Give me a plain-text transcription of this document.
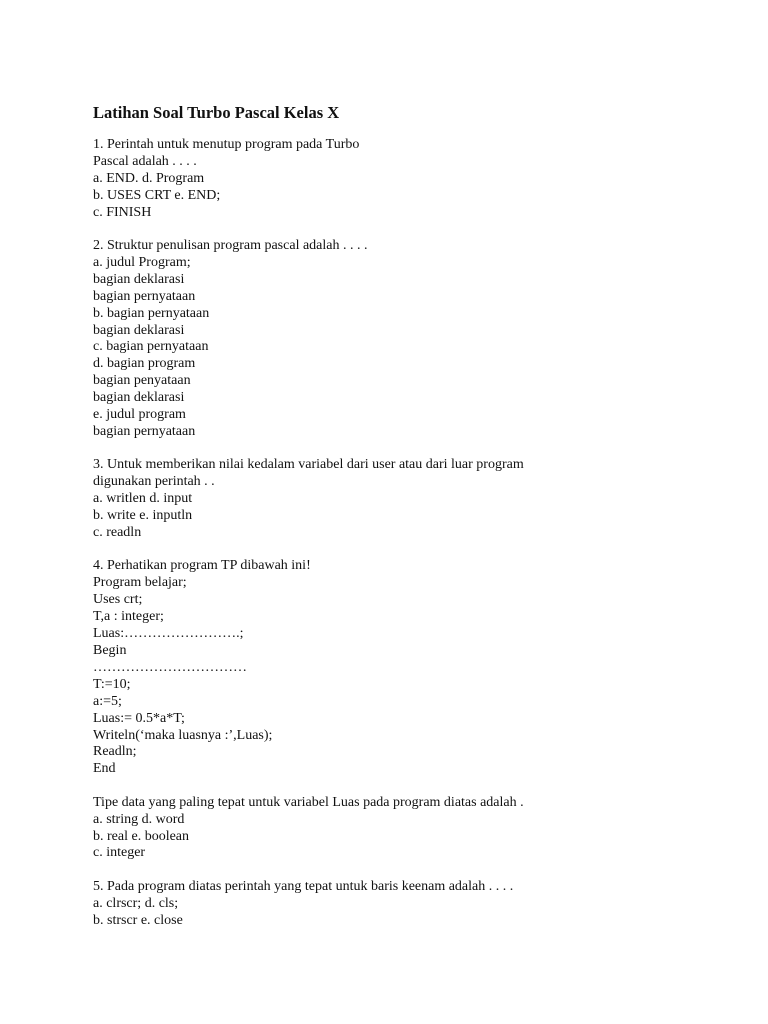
Latihan Soal Turbo Pascal Kelas X
1. Perintah untuk menutup program pada Turbo
Pascal adalah . . . .
a. END. d. Program
b. USES CRT e. END;
c. FINISH
2. Struktur penulisan program pascal adalah . . . .
a. judul Program;
bagian deklarasi
bagian pernyataan
b. bagian pernyataan
bagian deklarasi
c. bagian pernyataan
d. bagian program
bagian penyataan
bagian deklarasi
e. judul program
bagian pernyataan
3. Untuk memberikan nilai kedalam variabel dari user atau dari luar program
digunakan perintah . .
a. writlen d. input
b. write e. inputln
c. readln
4. Perhatikan program TP dibawah ini!
Program belajar;
Uses crt;
T,a : integer;
Luas:…………………….;
Begin
……………………………
T:=10;
a:=5;
Luas:= 0.5*a*T;
Writeln(‘maka luasnya :’,Luas);
Readln;
End
Tipe data yang paling tepat untuk variabel Luas pada program diatas adalah .
a. string d. word
b. real e. boolean
c. integer
5. Pada program diatas perintah yang tepat untuk baris keenam adalah . . . .
a. clrscr; d. cls;
b. strscr e. close
